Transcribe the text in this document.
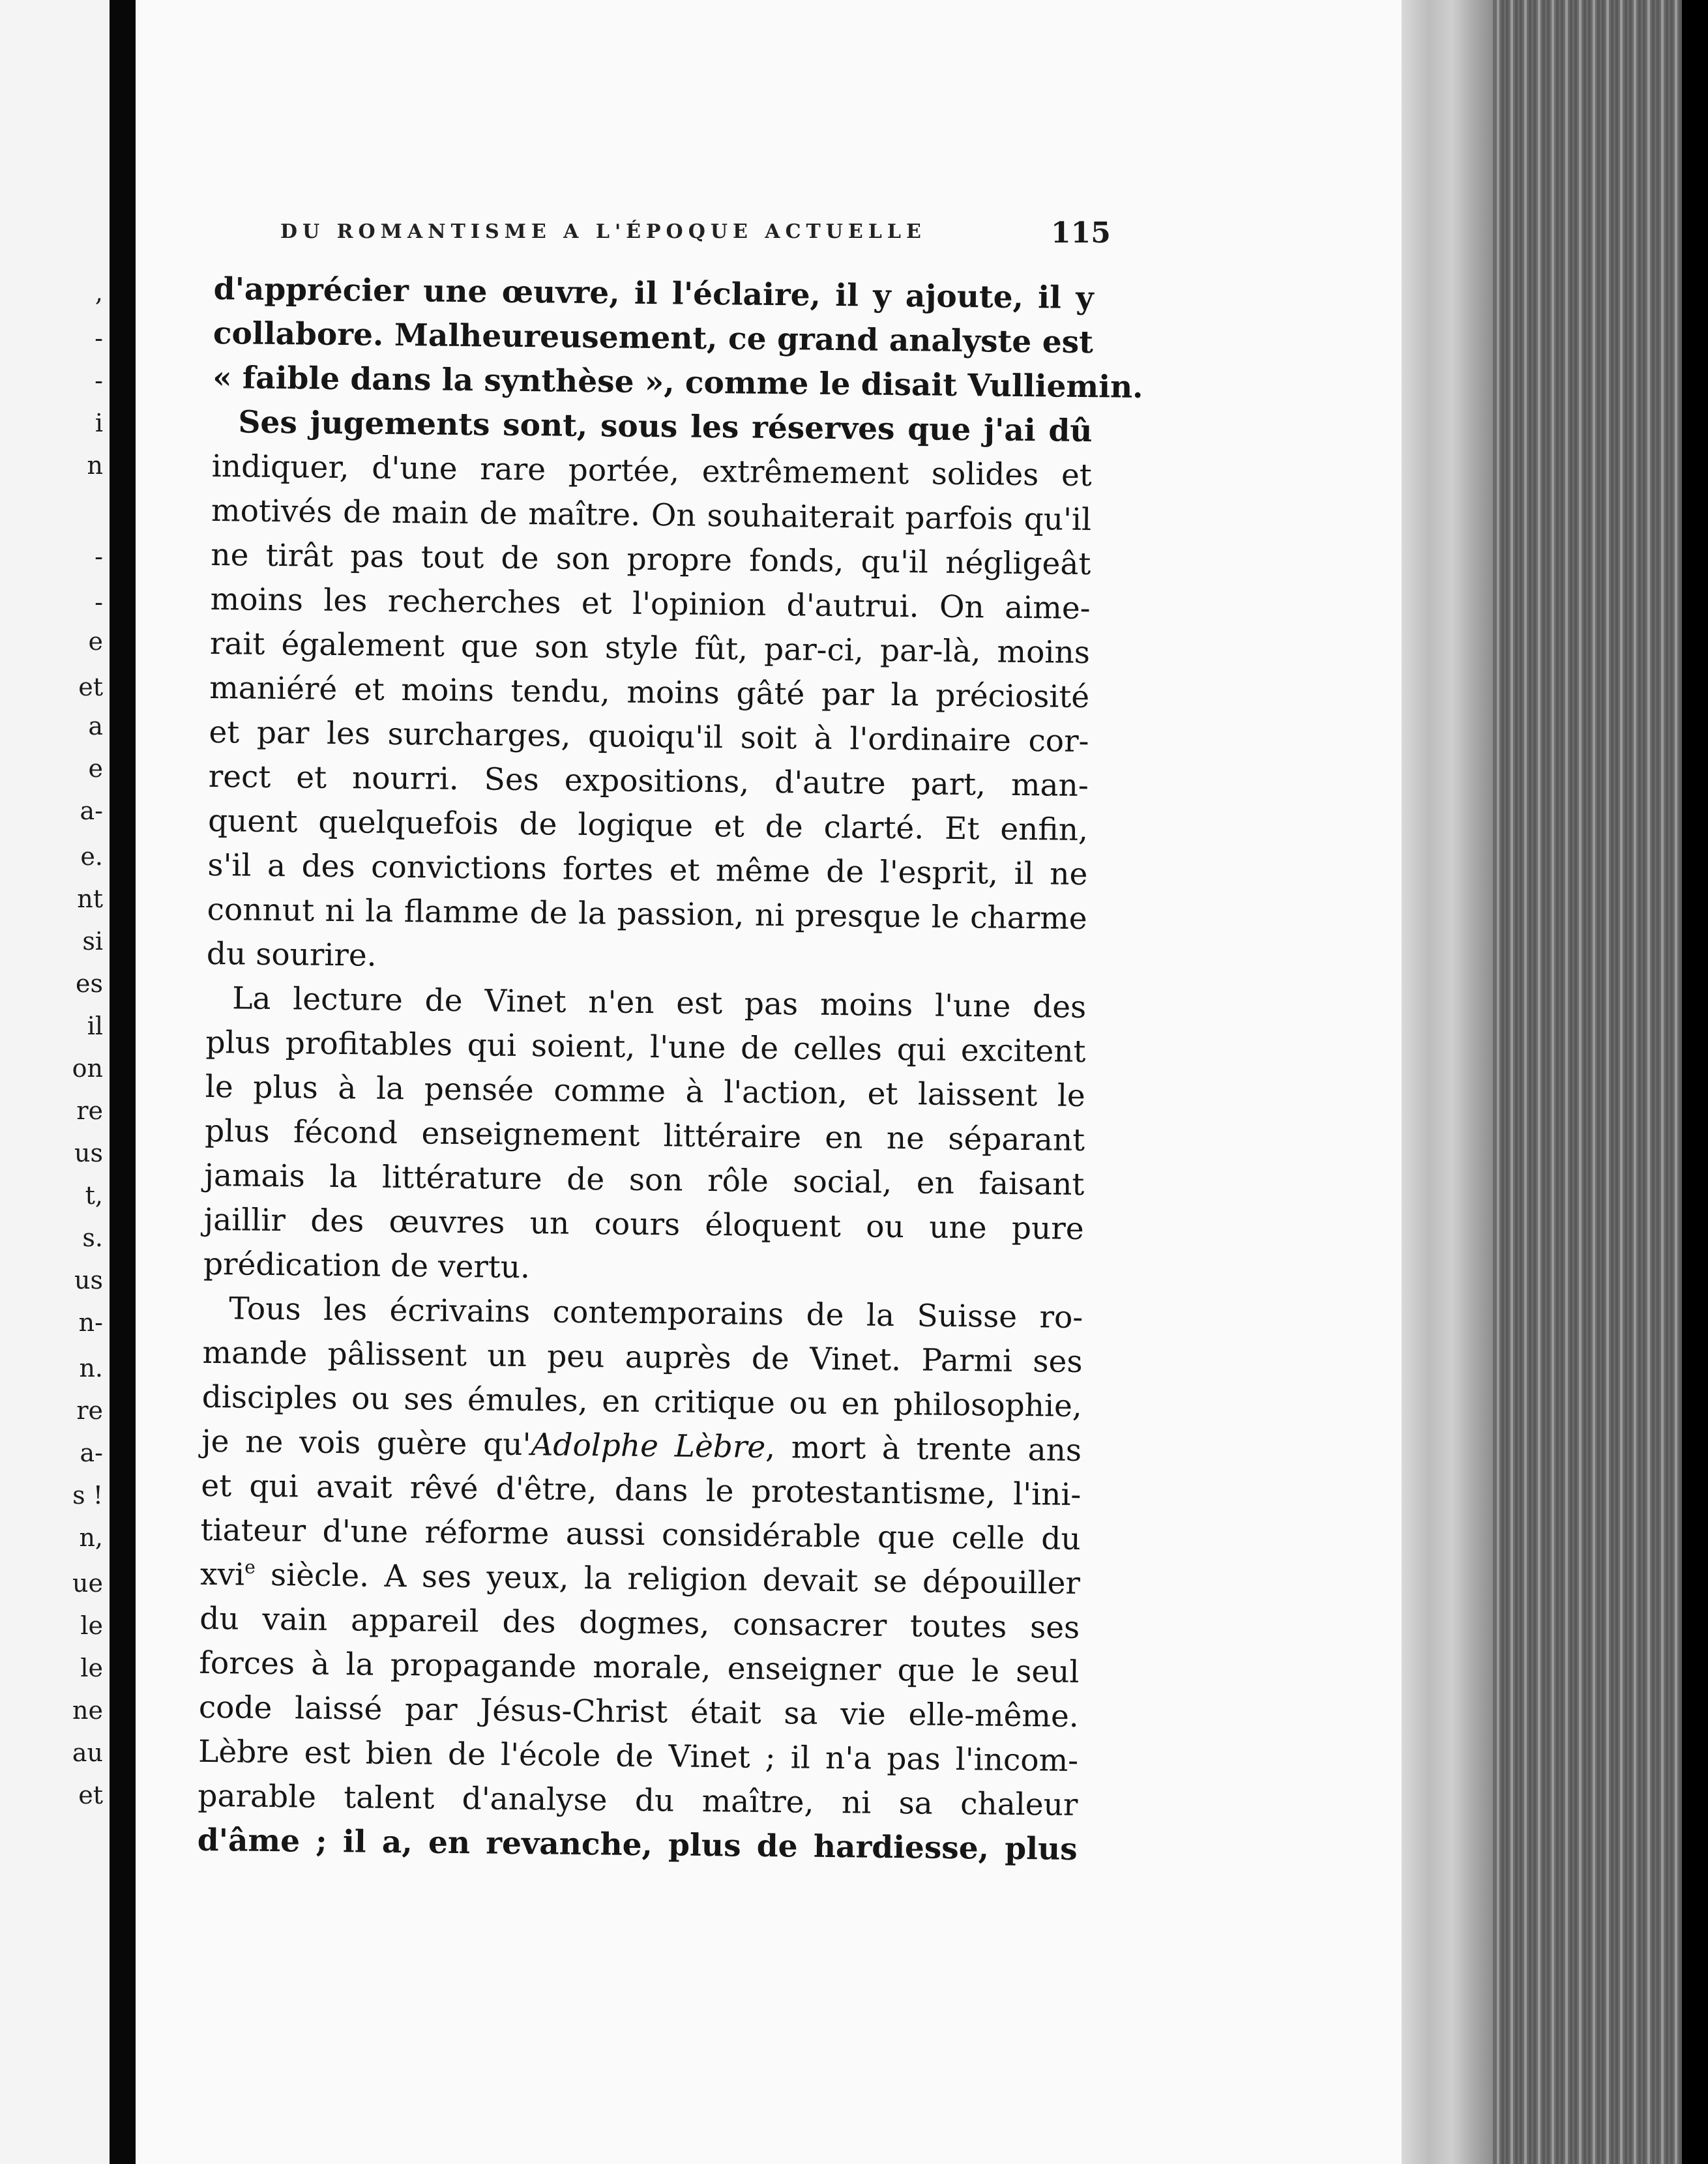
,
-
-
i
n
-
-
e
et
a
e
a-
e.
nt
si
es
il
on
re
us
t,
s.
us
n-
n.
re
a-
s !
n,
ue
le
le
ne
au
et
DU ROMANTISME A L'ÉPOQUE ACTUELLE	115
d'apprécier une œuvre, il l'éclaire, il y ajoute, il y
collabore. Malheureusement, ce grand analyste est
« faible dans la synthèse », comme le disait Vulliemin.
Ses jugements sont, sous les réserves que j'ai dû
indiquer, d'une rare portée, extrêmement solides et
motivés de main de maître. On souhaiterait parfois qu'il
ne tirât pas tout de son propre fonds, qu'il négligeât
moins les recherches et l'opinion d'autrui. On aime-
rait également que son style fût, par-ci, par-là, moins
maniéré et moins tendu, moins gâté par la préciosité
et par les surcharges, quoiqu'il soit à l'ordinaire cor-
rect et nourri. Ses expositions, d'autre part, man-
quent quelquefois de logique et de clarté. Et enfin,
s'il a des convictions fortes et même de l'esprit, il ne
connut ni la flamme de la passion, ni presque le charme
du sourire.
La lecture de Vinet n'en est pas moins l'une des
plus profitables qui soient, l'une de celles qui excitent
le plus à la pensée comme à l'action, et laissent le
plus fécond enseignement littéraire en ne séparant
jamais la littérature de son rôle social, en faisant
jaillir des œuvres un cours éloquent ou une pure
prédication de vertu.
Tous les écrivains contemporains de la Suisse ro-
mande pâlissent un peu auprès de Vinet. Parmi ses
disciples ou ses émules, en critique ou en philosophie,
je ne vois guère qu'Adolphe Lèbre, mort à trente ans
et qui avait rêvé d'être, dans le protestantisme, l'ini-
tiateur d'une réforme aussi considérable que celle du
xvi$^e$ siècle. A ses yeux, la religion devait se dépouiller
du vain appareil des dogmes, consacrer toutes ses
forces à la propagande morale, enseigner que le seul
code laissé par Jésus-Christ était sa vie elle-même.
Lèbre est bien de l'école de Vinet ; il n'a pas l'incom-
parable talent d'analyse du maître, ni sa chaleur
d'âme ; il a, en revanche, plus de hardiesse, plus
